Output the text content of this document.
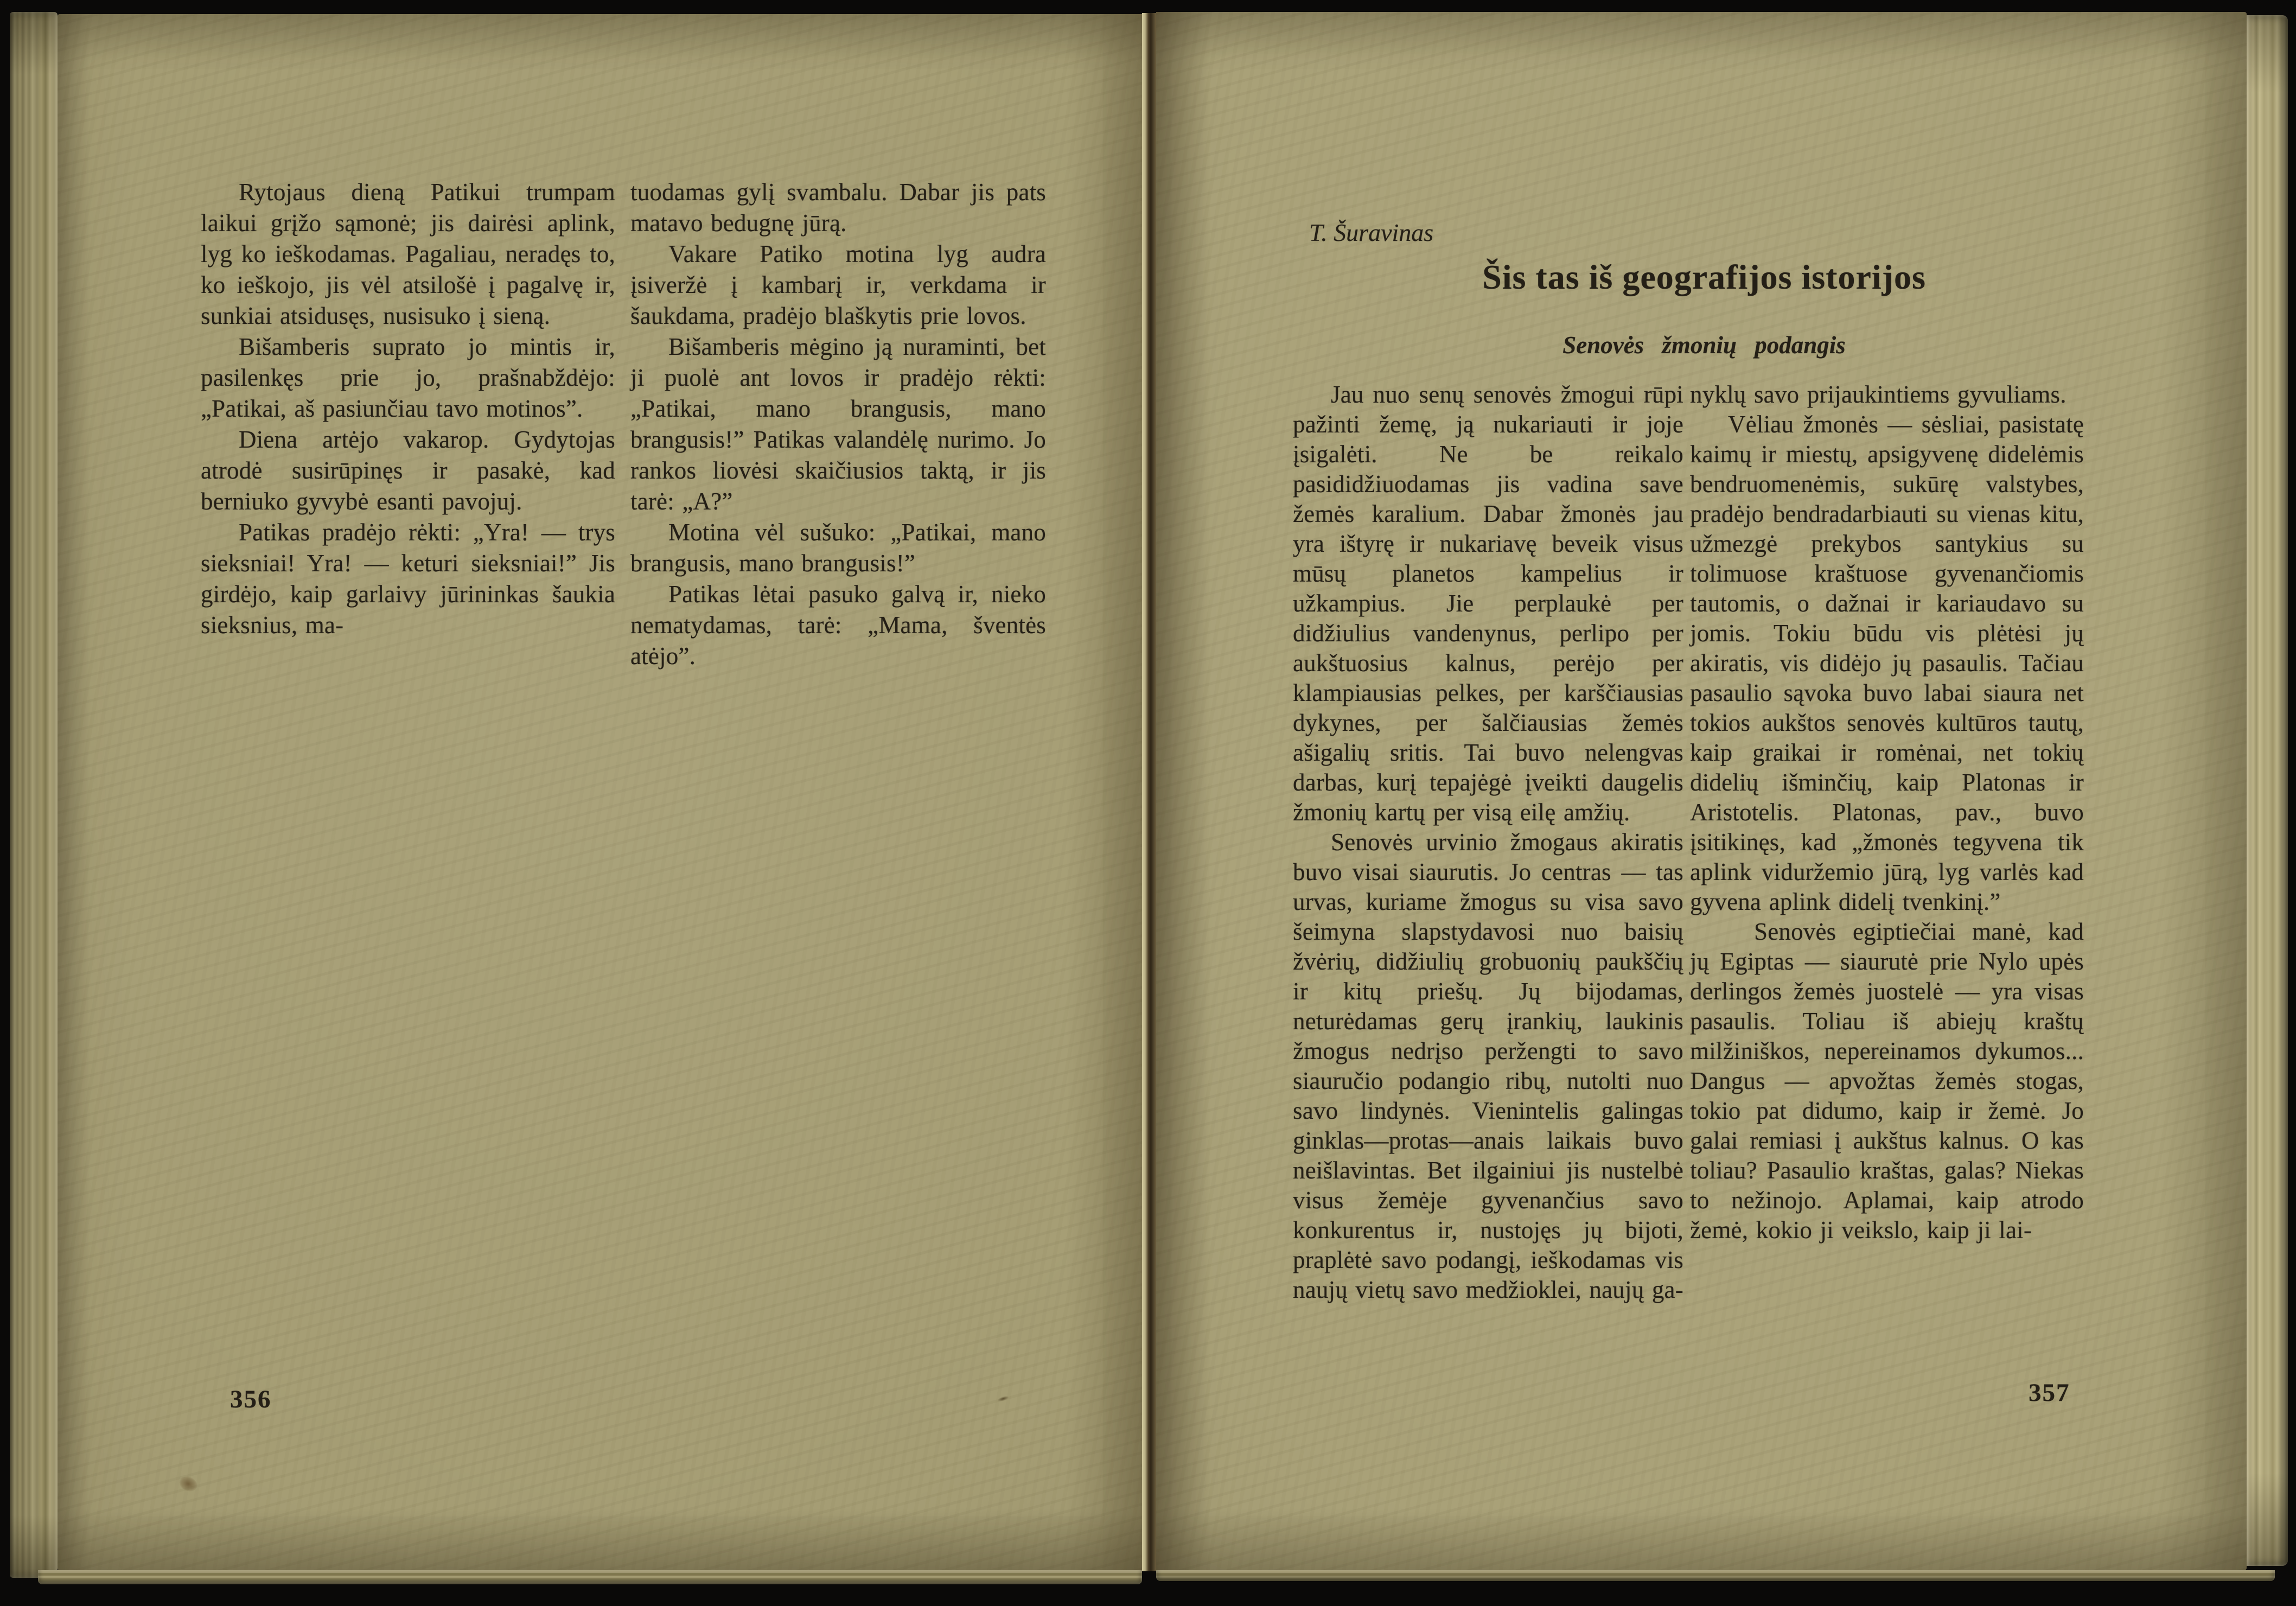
Rytojaus dieną Patikui trumpam laikui grįžo sąmonė; jis dairėsi aplink, lyg ko ieškodamas. Pagaliau, neradęs to, ko ieškojo, jis vėl atsilošė į pagalvę ir, sunkiai atsidusęs, nusisuko į sieną.

Bišamberis suprato jo mintis ir, pasilenkęs prie jo, prašnabždėjo: „Patikai, aš pasiunčiau tavo motinos”.

Diena artėjo vakarop. Gydytojas atrodė susirūpinęs ir pasakė, kad berniuko gyvybė esanti pavojuj.

Patikas pradėjo rėkti: „Yra! — trys sieksniai! Yra! — keturi sieksniai!” Jis girdėjo, kaip garlaivy jūrininkas šaukia sieksnius, ma-

tuodamas gylį svambalu. Dabar jis pats matavo bedugnę jūrą.

Vakare Patiko motina lyg audra įsiveržė į kambarį ir, verkdama ir šaukdama, pradėjo blaškytis prie lovos.

Bišamberis mėgino ją nuraminti, bet ji puolė ant lovos ir pradėjo rėkti: „Patikai, mano brangusis, mano brangusis!” Patikas valandėlę nurimo. Jo rankos liovėsi skaičiusios taktą, ir jis tarė: „A?”

Motina vėl sušuko: „Patikai, mano brangusis, mano brangusis!”

Patikas lėtai pasuko galvą ir, nieko nematydamas, tarė: „Mama, šventės atėjo”.

356
T. Šuravinas
Šis tas iš geografijos istorijos
Senovės žmonių podangis

Jau nuo senų senovės žmogui rūpi pažinti žemę, ją nukariauti ir joje įsigalėti. Ne be reikalo pasididžiuodamas jis vadina save žemės karalium. Dabar žmonės jau yra ištyrę ir nukariavę beveik visus mūsų planetos kampelius ir užkampius. Jie perplaukė per didžiulius vandenynus, perlipo per aukštuosius kalnus, perėjo per klampiausias pelkes, per karščiausias dykynes, per šalčiausias žemės ašigalių sritis. Tai buvo nelengvas darbas, kurį tepajėgė įveikti daugelis žmonių kartų per visą eilę amžių.

Senovės urvinio žmogaus akiratis buvo visai siaurutis. Jo centras — tas urvas, kuriame žmogus su visa savo šeimyna slapstydavosi nuo baisių žvėrių, didžiulių grobuonių paukščių ir kitų priešų. Jų bijodamas, neturėdamas gerų įrankių, laukinis žmogus nedrįso peržengti to savo siauručio podangio ribų, nutolti nuo savo lindynės. Vienintelis galingas ginklas—protas—anais laikais buvo neišlavintas. Bet ilgainiui jis nustelbė visus žemėje gyvenančius savo konkurentus ir, nustojęs jų bijoti, praplėtė savo podangį, ieškodamas vis naujų vietų savo medžioklei, naujų ga-

nyklų savo prijaukintiems gyvuliams.

Vėliau žmonės — sėsliai, pasistatę kaimų ir miestų, apsigyvenę didelėmis bendruomenėmis, sukūrę valstybes, pradėjo bendradarbiauti su vienas kitu, užmezgė prekybos santykius su tolimuose kraštuose gyvenančiomis tautomis, o dažnai ir kariaudavo su jomis. Tokiu būdu vis plėtėsi jų akiratis, vis didėjo jų pasaulis. Tačiau pasaulio sąvoka buvo labai siaura net tokios aukštos senovės kultūros tautų, kaip graikai ir romėnai, net tokių didelių išminčių, kaip Platonas ir Aristotelis. Platonas, pav., buvo įsitikinęs, kad „žmonės tegyvena tik aplink viduržemio jūrą, lyg varlės kad gyvena aplink didelį tvenkinį.”

Senovės egiptiečiai manė, kad jų Egiptas — siaurutė prie Nylo upės derlingos žemės juostelė — yra visas pasaulis. Toliau iš abiejų kraštų milžiniškos, nepereinamos dykumos... Dangus — apvožtas žemės stogas, tokio pat didumo, kaip ir žemė. Jo galai remiasi į aukštus kalnus. O kas toliau? Pasaulio kraštas, galas? Niekas to nežinojo. Aplamai, kaip atrodo žemė, kokio ji veikslo, kaip ji lai-

357
